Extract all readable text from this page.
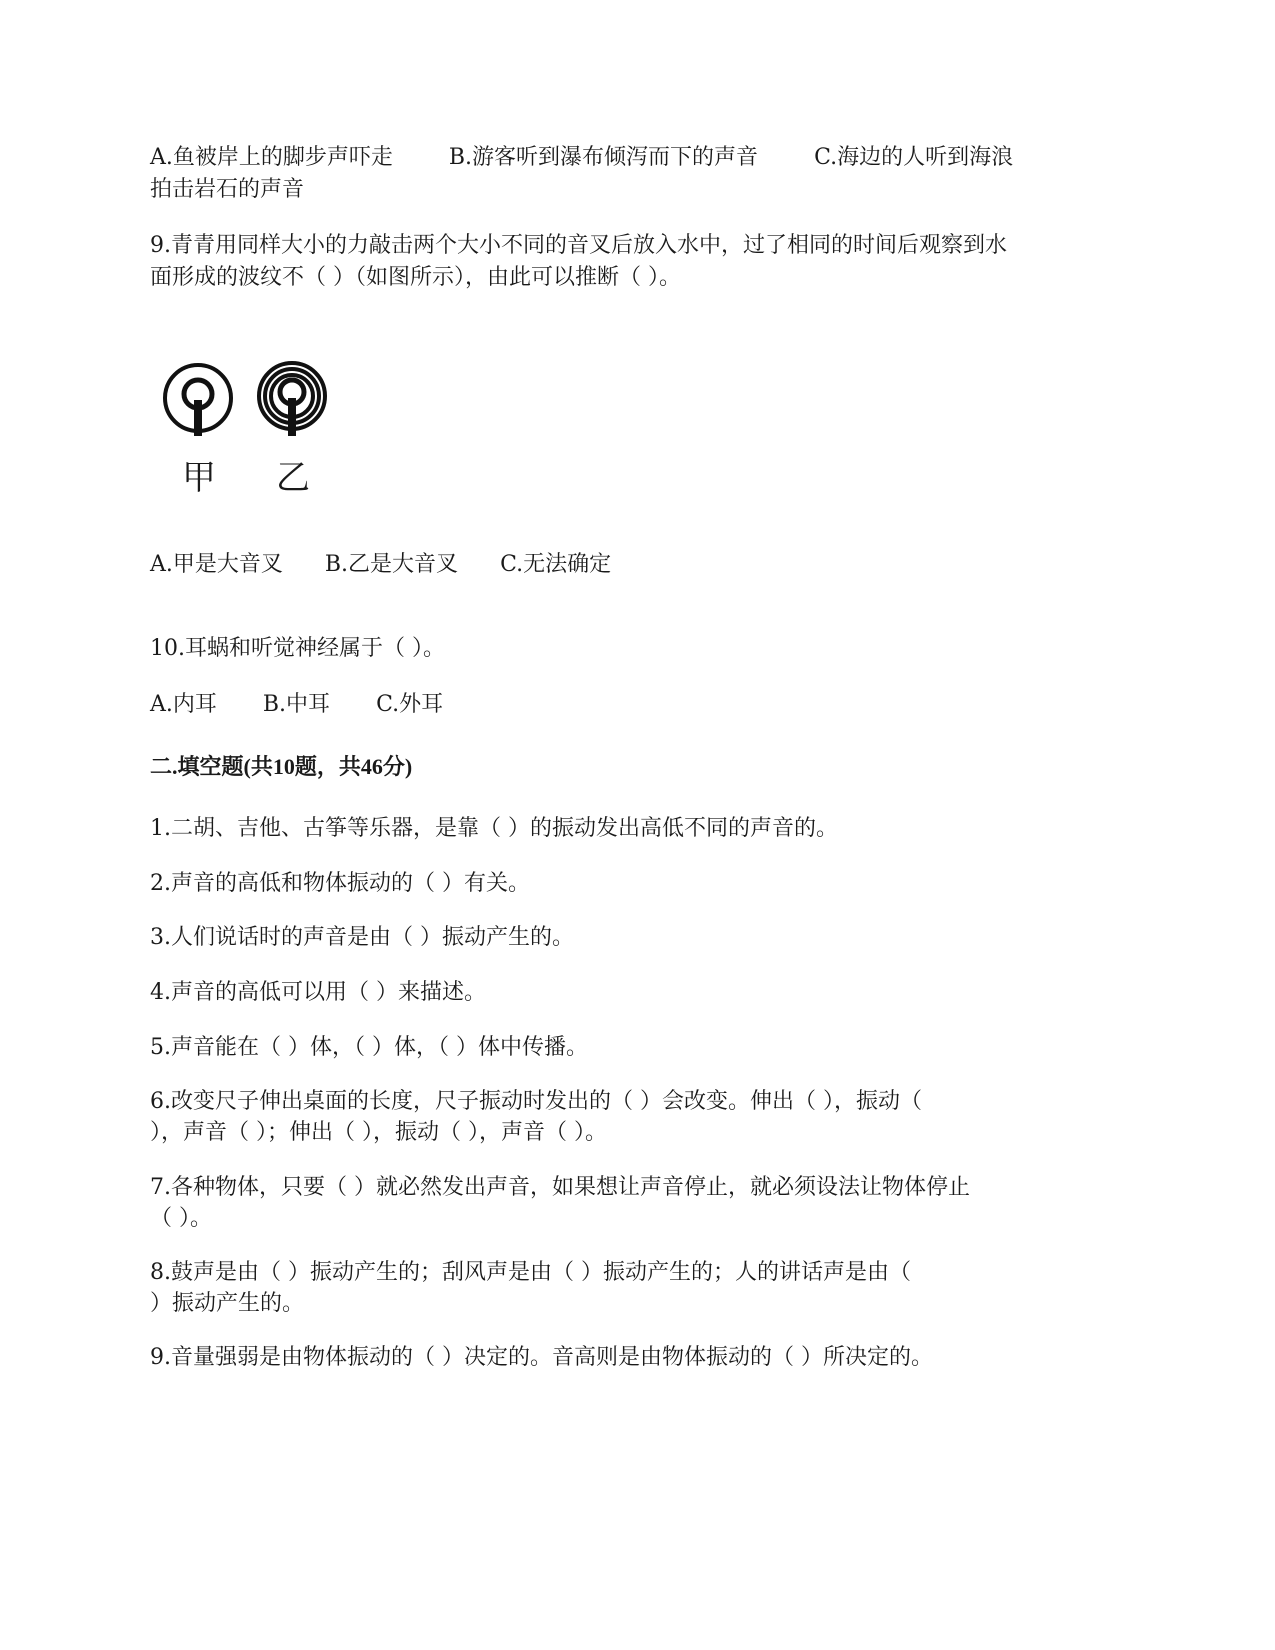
A.鱼被岸上的脚步声吓走	B.游客听到瀑布倾泻而下的声音	C.海边的人听到海浪

拍击岩石的声音

9.青青用同样大小的力敲击两个大小不同的音叉后放入水中，过了相同的时间后观察到水

面形成的波纹不（ ）（如图所示），由此可以推断（ ）。

甲 乙

A.甲是大音叉 B.乙是大音叉 C.无法确定

10.耳蜗和听觉神经属于（ ）。

A.内耳 B.中耳 C.外耳

二.填空题(共10题，共46分)

1.二胡、吉他、古筝等乐器，是靠（ ）的振动发出高低不同的声音的。

2.声音的高低和物体振动的（ ）有关。

3.人们说话时的声音是由（ ）振动产生的。

4.声音的高低可以用（ ）来描述。

5.声音能在（ ）体，（ ）体，（ ）体中传播。

6.改变尺子伸出桌面的长度，尺子振动时发出的（ ）会改变。伸出（ ），振动（

），声音（ ）；伸出（ ），振动（ ），声音（ ）。

7.各种物体，只要（ ）就必然发出声音，如果想让声音停止，就必须设法让物体停止

（ ）。

8.鼓声是由（ ）振动产生的；刮风声是由（ ）振动产生的；人的讲话声是由（

）振动产生的。

9.音量强弱是由物体振动的（ ）决定的。音高则是由物体振动的（ ）所决定的。
